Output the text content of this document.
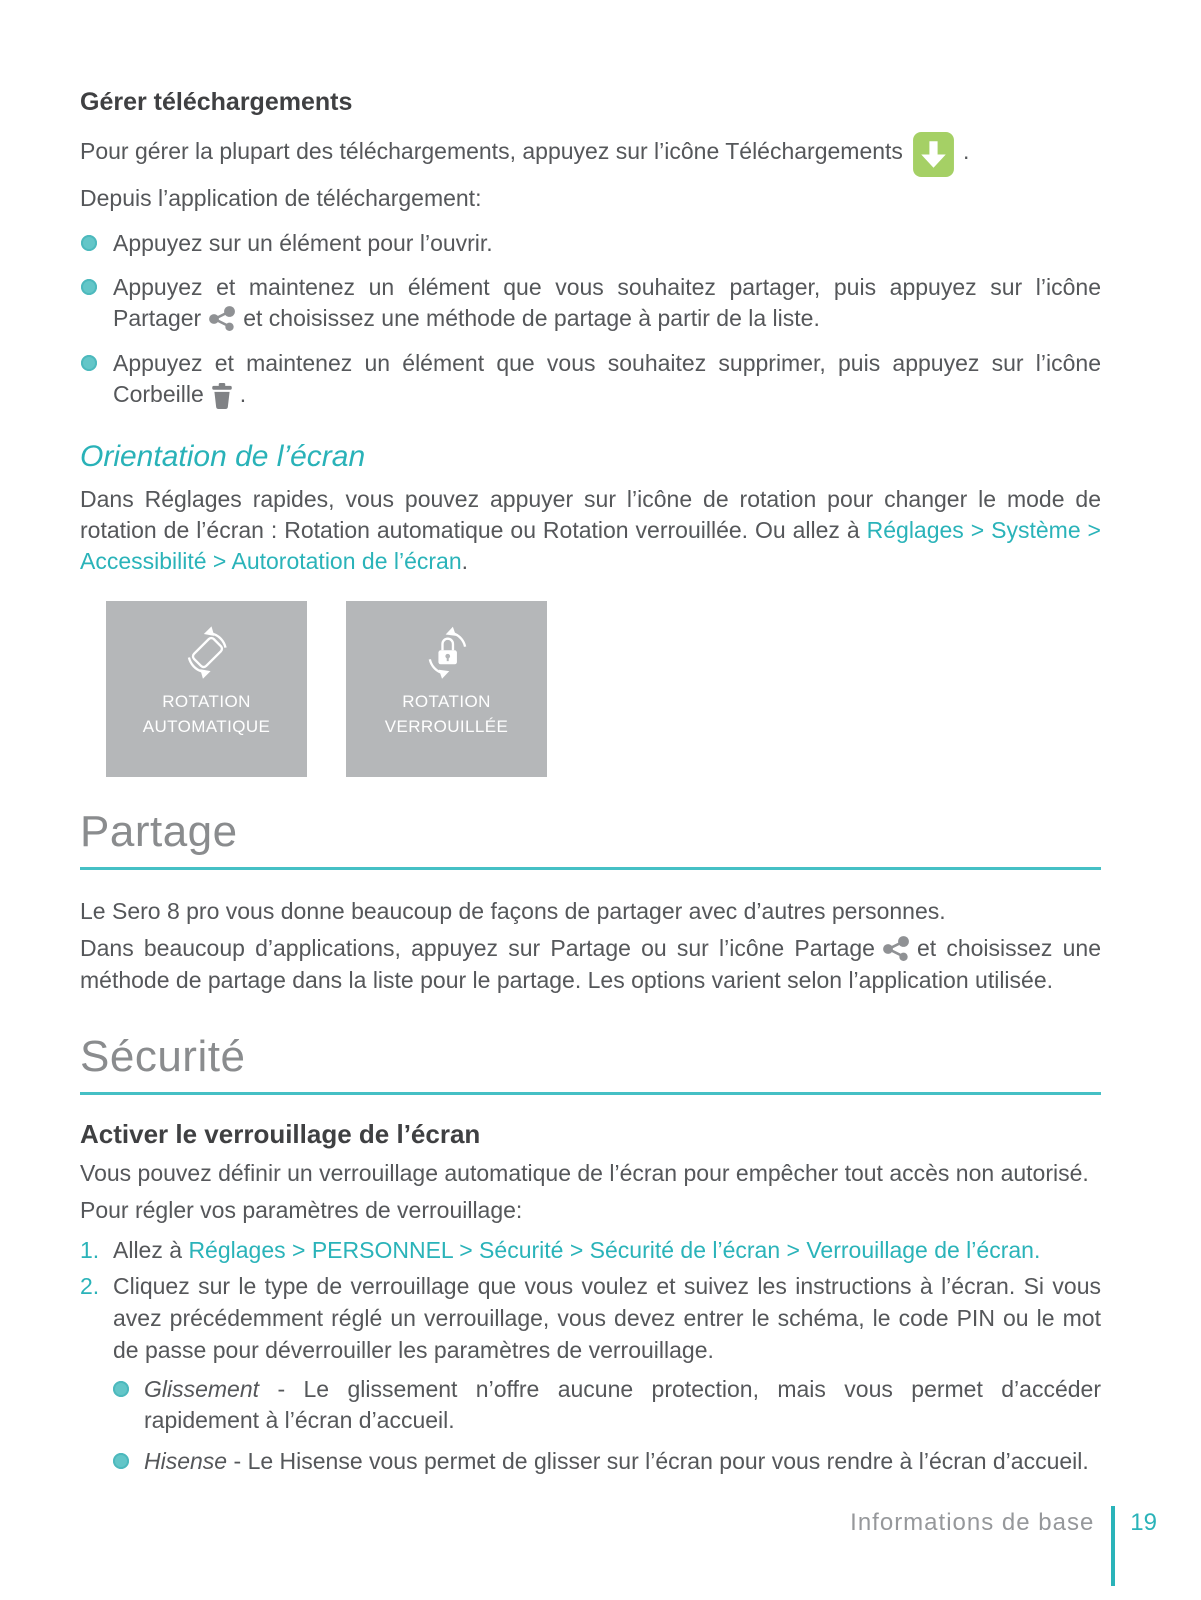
Gérer téléchargements

Pour gérer la plupart des téléchargements, appuyez sur l’icône Téléchargements	.

Depuis l’application de téléchargement:

Appuyez sur un élément pour l’ouvrir.
Appuyez et maintenez un élément que vous souhaitez partager, puis appuyez sur l’icône Partager et choisissez une méthode de partage à partir de la liste.
Appuyez et maintenez un élément que vous souhaitez supprimer, puis appuyez sur l’icône Corbeille .
Orientation de l’écran

Dans Réglages rapides, vous pouvez appuyer sur l’icône de rotation pour changer le mode de rotation de l’écran : Rotation automatique ou Rotation verrouillée. Ou allez à Réglages > Système > Accessibilité > Autorotation de l’écran.

ROTATION AUTOMATIQUE
ROTATION VERROUILLÉE
Partage

Le Sero 8 pro vous donne beaucoup de façons de partager avec d’autres personnes.

Dans beaucoup d’applications, appuyez sur Partage ou sur l’icône Partage et choisissez une méthode de partage dans la liste pour le partage. Les options varient selon l’application utilisée.

Sécurité
Activer le verrouillage de l’écran

Vous pouvez définir un verrouillage automatique de l’écran pour empêcher tout accès non autorisé.

Pour régler vos paramètres de verrouillage:

1. Allez à Réglages > PERSONNEL > Sécurité > Sécurité de l’écran > Verrouillage de l’écran.
2. Cliquez sur le type de verrouillage que vous voulez et suivez les instructions à l’écran. Si vous avez précédemment réglé un verrouillage, vous devez entrer le schéma, le code PIN ou le mot de passe pour déverrouiller les paramètres de verrouillage.
Glissement - Le glissement n’offre aucune protection, mais vous permet d’accéder rapidement à l’écran d’accueil.
Hisense - Le Hisense vous permet de glisser sur l’écran pour vous rendre à l’écran d’accueil.
Informations de base 19
